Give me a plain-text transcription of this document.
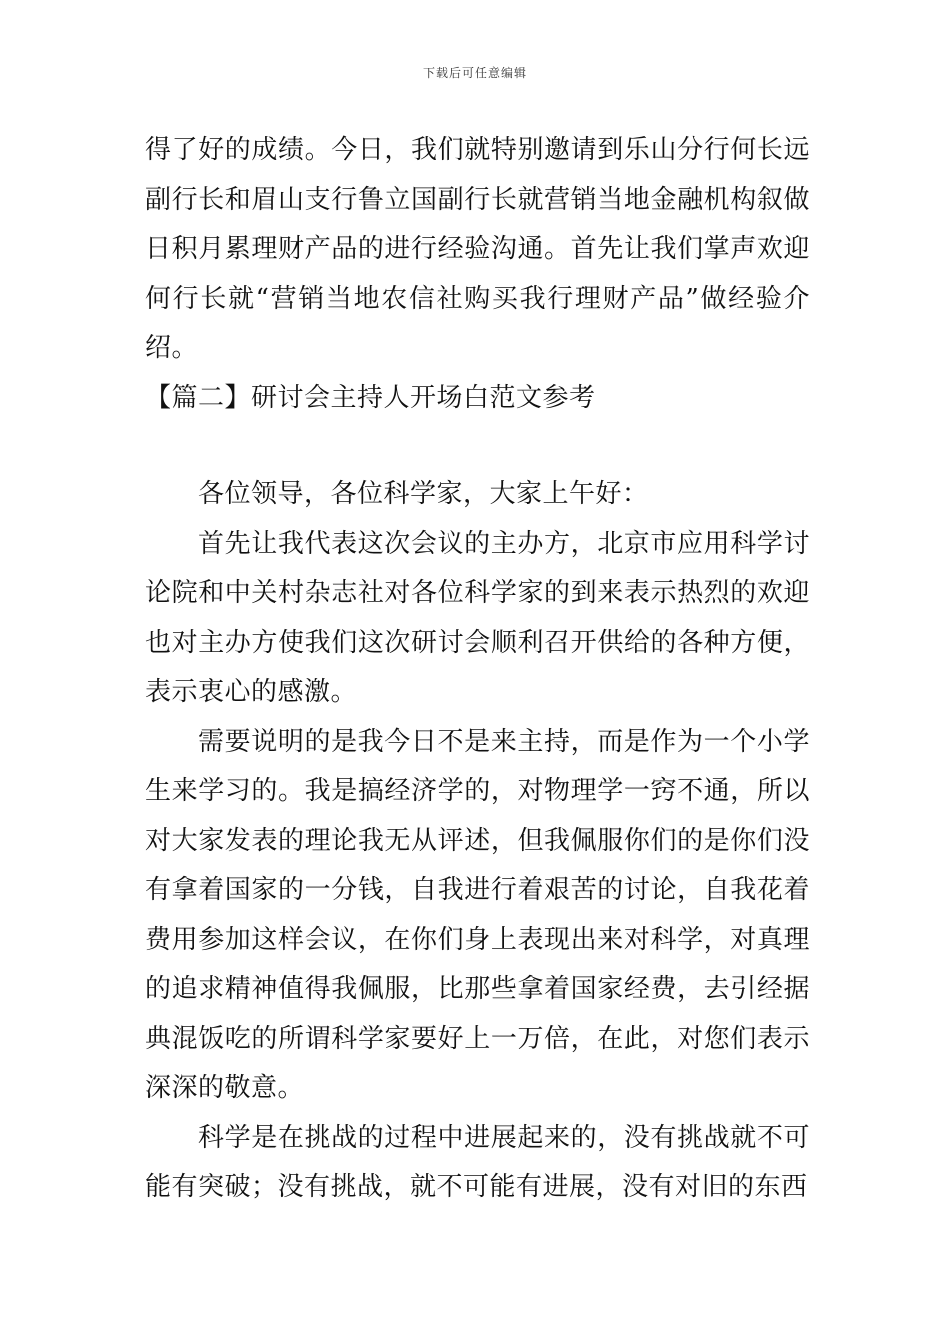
下载后可任意编辑

得了好的成绩。今日，我们就特别邀请到乐山分行何长远副行长和眉山支行鲁立国副行长就营销当地金融机构叙做日积月累理财产品的进行经验沟通。首先让我们掌声欢迎何行长就“营销当地农信社购买我行理财产品”做经验介绍。

【篇二】研讨会主持人开场白范文参考

各位领导，各位科学家，大家上午好：

首先让我代表这次会议的主办方，北京市应用科学讨论院和中关村杂志社对各位科学家的到来表示热烈的欢迎也对主办方使我们这次研讨会顺利召开供给的各种方便，表示衷心的感激。

需要说明的是我今日不是来主持，而是作为一个小学生来学习的。我是搞经济学的，对物理学一窍不通，所以对大家发表的理论我无从评述，但我佩服你们的是你们没有拿着国家的一分钱，自我进行着艰苦的讨论，自我花着费用参加这样会议，在你们身上表现出来对科学，对真理的追求精神值得我佩服，比那些拿着国家经费，去引经据典混饭吃的所谓科学家要好上一万倍，在此，对您们表示深深的敬意。

科学是在挑战的过程中进展起来的，没有挑战就不可能有突破；没有挑战，就不可能有进展，没有对旧的东西
